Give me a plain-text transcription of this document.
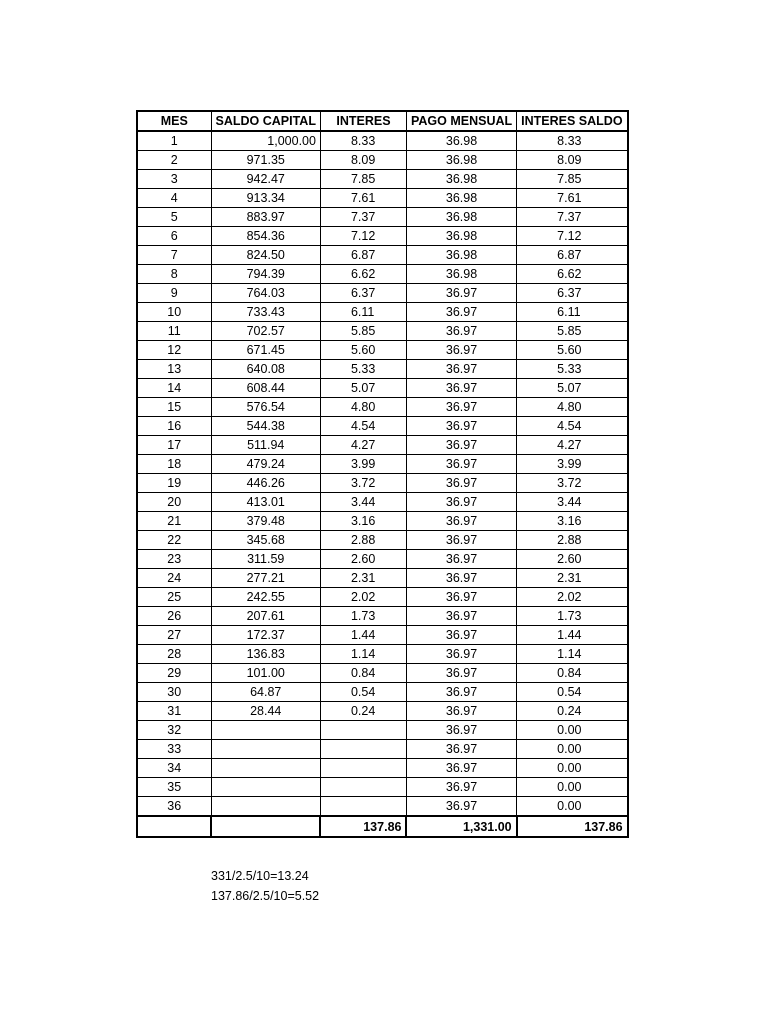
MES	SALDO CAPITAL	INTERES	PAGO MENSUAL	INTERES SALDO
1	1,000.00	8.33	36.98	8.33
2	971.35	8.09	36.98	8.09
3	942.47	7.85	36.98	7.85
4	913.34	7.61	36.98	7.61
5	883.97	7.37	36.98	7.37
6	854.36	7.12	36.98	7.12
7	824.50	6.87	36.98	6.87
8	794.39	6.62	36.98	6.62
9	764.03	6.37	36.97	6.37
10	733.43	6.11	36.97	6.11
11	702.57	5.85	36.97	5.85
12	671.45	5.60	36.97	5.60
13	640.08	5.33	36.97	5.33
14	608.44	5.07	36.97	5.07
15	576.54	4.80	36.97	4.80
16	544.38	4.54	36.97	4.54
17	511.94	4.27	36.97	4.27
18	479.24	3.99	36.97	3.99
19	446.26	3.72	36.97	3.72
20	413.01	3.44	36.97	3.44
21	379.48	3.16	36.97	3.16
22	345.68	2.88	36.97	2.88
23	311.59	2.60	36.97	2.60
24	277.21	2.31	36.97	2.31
25	242.55	2.02	36.97	2.02
26	207.61	1.73	36.97	1.73
27	172.37	1.44	36.97	1.44
28	136.83	1.14	36.97	1.14
29	101.00	0.84	36.97	0.84
30	64.87	0.54	36.97	0.54
31	28.44	0.24	36.97	0.24
32			36.97	0.00
33			36.97	0.00
34			36.97	0.00
35			36.97	0.00
36			36.97	0.00
		137.86	1,331.00	137.86
331/2.5/10=13.24
137.86/2.5/10=5.52
